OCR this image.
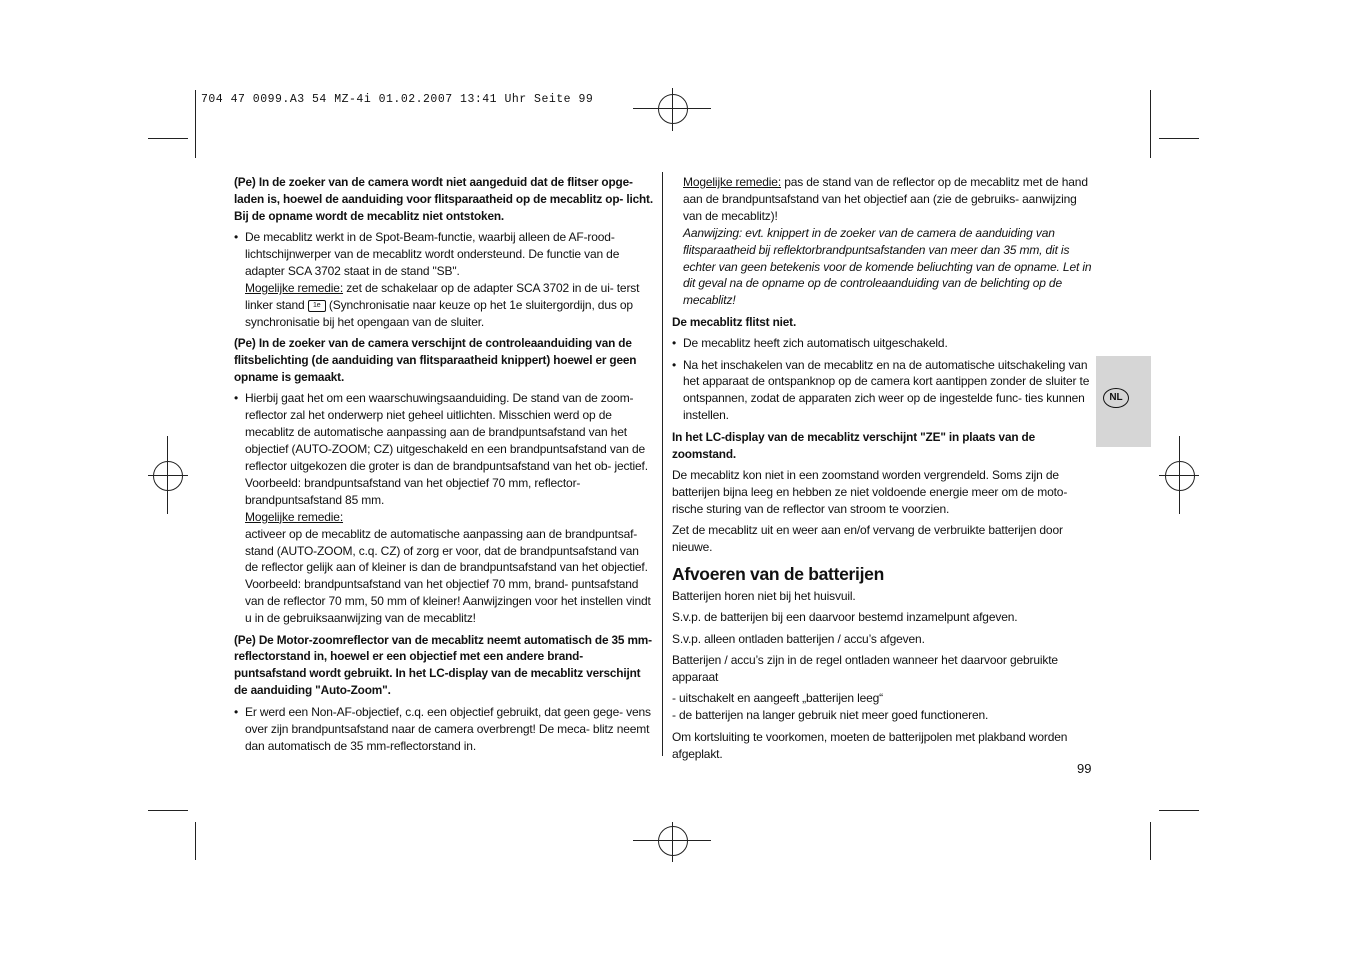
704 47 0099.A3 54 MZ-4i 01.02.2007 13:41 Uhr Seite 99

(Pe) In de zoeker van de camera wordt niet aangeduid dat de flitser opge- laden is, hoewel de aanduiding voor flitsparaatheid op de mecablitz op- licht. Bij de opname wordt de mecablitz niet ontstoken.

• De mecablitz werkt in de Spot-Beam-functie, waarbij alleen de AF-rood- lichtschijnwerper van de mecablitz wordt ondersteund. De functie van de adapter SCA 3702 staat in de stand "SB".
Mogelijke remedie: zet de schakelaar op de adapter SCA 3702 in de ui- terst linker stand 1e (Synchronisatie naar keuze op het 1e sluitergordijn, dus op synchronisatie bij het opengaan van de sluiter.

(Pe) In de zoeker van de camera verschijnt de controleaanduiding van de flitsbelichting (de aanduiding van flitsparaatheid knippert) hoewel er geen opname is gemaakt.

• Hierbij gaat het om een waarschuwingsaanduiding. De stand van de zoom- reflector zal het onderwerp niet geheel uitlichten. Misschien werd op de mecablitz de automatische aanpassing aan de brandpuntsafstand van het objectief (AUTO-ZOOM; CZ) uitgeschakeld en een brandpuntsafstand van de reflector uitgekozen die groter is dan de brandpuntsafstand van het ob- jectief. Voorbeeld: brandpuntsafstand van het objectief 70 mm, reflector- brandpuntsafstand 85 mm.
Mogelijke remedie:
activeer op de mecablitz de automatische aanpassing aan de brandpuntsaf- stand (AUTO-ZOOM, c.q. CZ) of zorg er voor, dat de brandpuntsafstand van de reflector gelijk aan of kleiner is dan de brandpuntsafstand van het objectief. Voorbeeld: brandpuntsafstand van het objectief 70 mm, brand- puntsafstand van de reflector 70 mm, 50 mm of kleiner! Aanwijzingen voor het instellen vindt u in de gebruiksaanwijzing van de mecablitz!

(Pe) De Motor-zoomreflector van de mecablitz neemt automatisch de 35 mm-reflectorstand in, hoewel er een objectief met een andere brand- puntsafstand wordt gebruikt. In het LC-display van de mecablitz verschijnt de aanduiding "Auto-Zoom".

• Er werd een Non-AF-objectief, c.q. een objectief gebruikt, dat geen gege- vens over zijn brandpuntsafstand naar de camera overbrengt! De meca- blitz neemt dan automatisch de 35 mm-reflectorstand in.
Mogelijke remedie: pas de stand van de reflector op de mecablitz met de hand aan de brandpuntsafstand van het objectief aan (zie de gebruiks- aanwijzing van de mecablitz)!
Aanwijzing: evt. knippert in de zoeker van de camera de aanduiding van flitsparaatheid bij reflektorbrandpuntsafstanden van meer dan 35 mm, dit is echter van geen betekenis voor de komende beliuchting van de opname. Let in dit geval na de opname op de controleaanduiding van de belichting op de mecablitz!

De mecablitz flitst niet.

• De mecablitz heeft zich automatisch uitgeschakeld.
• Na het inschakelen van de mecablitz en na de automatische uitschakeling van het apparaat de ontspanknop op de camera kort aantippen zonder de sluiter te ontspannen, zodat de apparaten zich weer op de ingestelde func- ties kunnen instellen.

In het LC-display van de mecablitz verschijnt "ZE" in plaats van de zoomstand.

De mecablitz kon niet in een zoomstand worden vergrendeld. Soms zijn de batterijen bijna leeg en hebben ze niet voldoende energie meer om de moto- rische sturing van de reflector van stroom te voorzien.

Zet de mecablitz uit en weer aan en/of vervang de verbruikte batterijen door nieuwe.

Afvoeren van de batterijen

Batterijen horen niet bij het huisvuil.

S.v.p. de batterijen bij een daarvoor bestemd inzamelpunt afgeven.

S.v.p. alleen ontladen batterijen / accu’s afgeven.

Batterijen / accu’s zijn in de regel ontladen wanneer het daarvoor gebruikte apparaat

- uitschakelt en aangeeft „batterijen leeg“
- de batterijen na langer gebruik niet meer goed functioneren.

Om kortsluiting te voorkomen, moeten de batterijpolen met plakband worden afgeplakt.

NL
99
